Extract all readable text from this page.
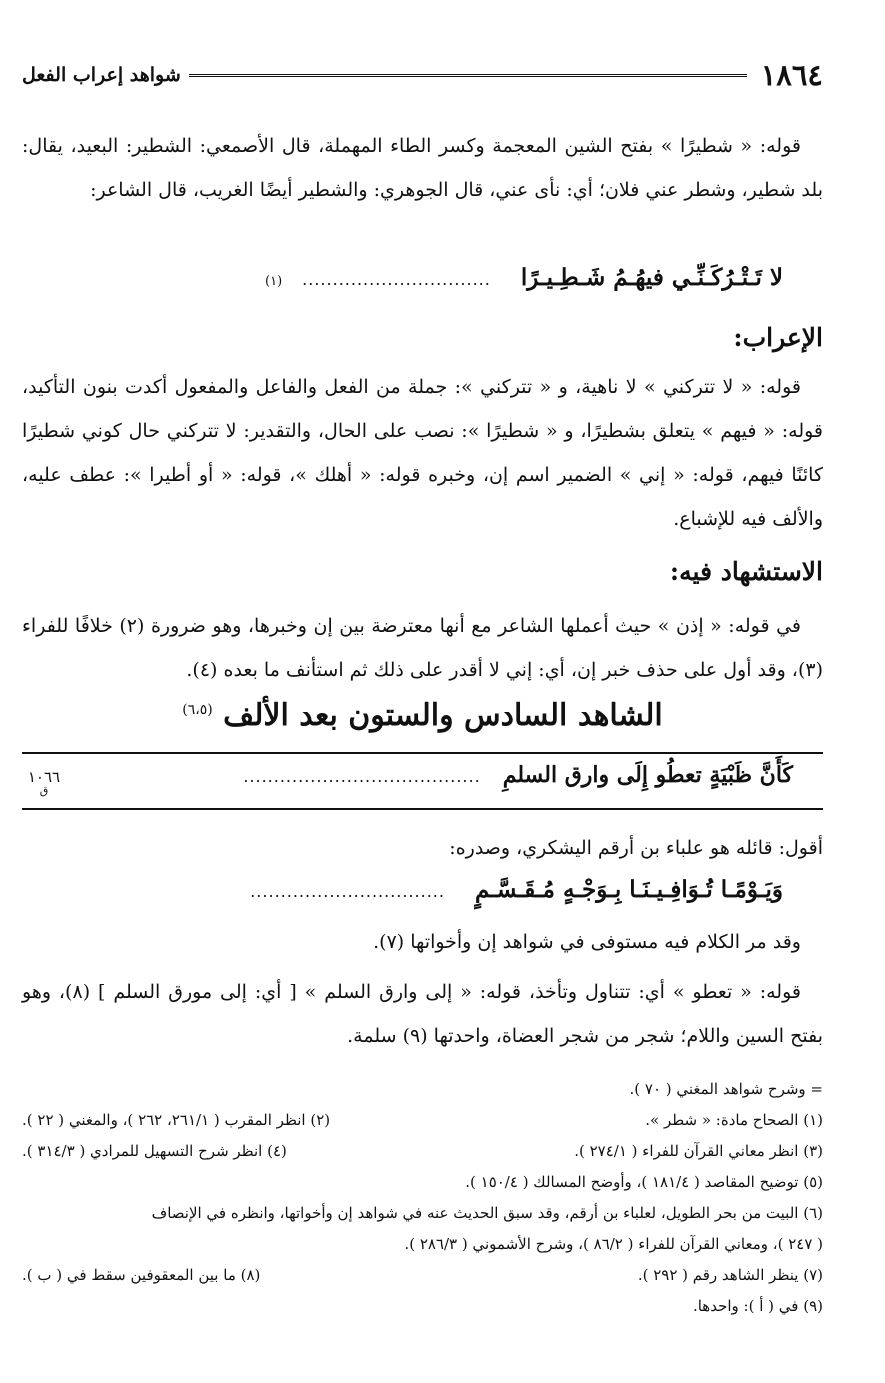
١٨٦٤
شواهد إعراب الفعل

قوله: « شطيرًا » بفتح الشين المعجمة وكسر الطاء المهملة، قال الأصمعي: الشطير: البعيد، يقال: بلد شطير، وشطر عني فلان؛ أي: نأى عني، قال الجوهري: والشطير أيضًا الغريب، قال الشاعر:

لا تَـتْـرُكَـنِّـي فيهُـمُ شَـطِـيـرًا
...............................
(١)

الإعراب:

قوله: « لا تتركني » لا ناهية، و « تتركني »: جملة من الفعل والفاعل والمفعول أكدت بنون التأكيد، قوله: « فيهم » يتعلق بشطيرًا، و « شطيرًا »: نصب على الحال، والتقدير: لا تتركني حال كوني شطيرًا كائنًا فيهم، قوله: « إني » الضمير اسم إن، وخبره قوله: « أهلك »، قوله: « أو أطيرا »: عطف عليه، والألف فيه للإشباع.

الاستشهاد فيه:

في قوله: « إذن » حيث أعملها الشاعر مع أنها معترضة بين إن وخبرها، وهو ضرورة (٢) خلافًا للفراء (٣)، وقد أول على حذف خبر إن، أي: إني لا أقدر على ذلك ثم استأنف ما بعده (٤).

الشاهد السادس والستون بعد الألف $^{(٦،٥)}$
كَأَنَّ ظَبْيَةٍ تعطُو إِلَى وارق السلمِ
.......................................
١٠٦٦
ق

أقول: قائله هو علباء بن أرقم اليشكري، وصدره:

وَيَـوْمًـا تُـوَافِـيـنَـا بِـوَجْـهٍ مُـقَـسَّـمٍ
................................

وقد مر الكلام فيه مستوفى في شواهد إن وأخواتها (٧).

قوله: « تعطو » أي: تتناول وتأخذ، قوله: « إلى وارق السلم » [ أي: إلى مورق السلم ] (٨)، وهو بفتح السين واللام؛ شجر من شجر العضاة، واحدتها (٩) سلمة.

= وشرح شواهد المغني ( ٧٠ ).
(١) الصحاح مادة: « شطر ».
(٢) انظر المقرب ( ٢٦١/١، ٢٦٢ )، والمغني ( ٢٢ ).
(٣) انظر معاني القرآن للفراء ( ٢٧٤/١ ).
(٤) انظر شرح التسهيل للمرادي ( ٣١٤/٣ ).
(٥) توضيح المقاصد ( ١٨١/٤ )، وأوضح المسالك ( ١٥٠/٤ ).
(٦) البيت من بحر الطويل، لعلباء بن أرقم، وقد سبق الحديث عنه في شواهد إن وأخواتها، وانظره في الإنصاف
( ٢٤٧ )، ومعاني القرآن للفراء ( ٨٦/٢ )، وشرح الأشموني ( ٢٨٦/٣ ).
(٧) ينظر الشاهد رقم ( ٢٩٢ ).
(٨) ما بين المعقوفين سقط في ( ب ).
(٩) في ( أ ): واحدها.
